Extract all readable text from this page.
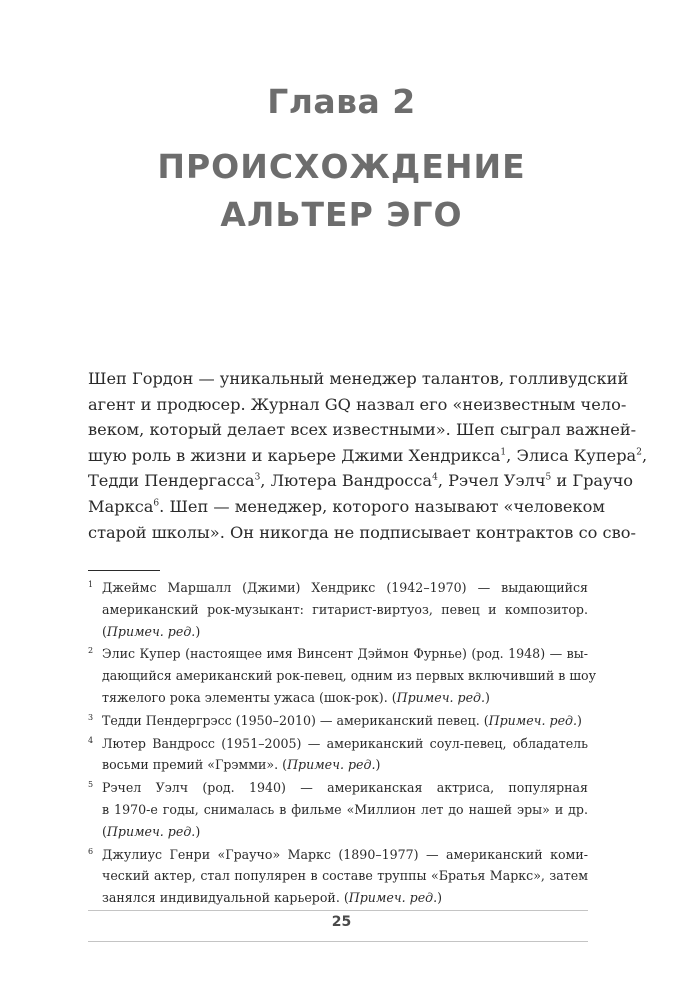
Глава 2
ПРОИСХОЖДЕНИЕ
АЛЬТЕР ЭГО

Шеп Гордон — уникальный менеджер талантов, голливудский
агент и продюсер. Журнал GQ назвал его «неизвестным чело-
веком, который делает всех известными». Шеп сыграл важней-
шую роль в жизни и карьере Джими Хендрикса$^1$, Элиса Купера$^2$,
Тедди Пендергасса$^3$, Лютера Вандросса$^4$, Рэчел Уэлч$^5$ и Граучо
Маркса$^6$. Шеп — менеджер, которого называют «человеком
старой школы». Он никогда не подписывает контрактов со сво-

1 Джеймс Маршалл (Джими) Хендрикс (1942–1970) — выдающийся
американский рок-музыкант: гитарист-виртуоз, певец и композитор.
(Примеч. ред.)
2 Элис Купер (настоящее имя Винсент Дэймон Фурнье) (род. 1948) — вы-
дающийся американский рок-певец, одним из первых включивший в шоу
тяжелого рока элементы ужаса (шок-рок). (Примеч. ред.)
3 Тедди Пендергрэсс (1950–2010) — американский певец. (Примеч. ред.)
4 Лютер Вандросс (1951–2005) — американский соул-певец, обладатель
восьми премий «Грэмми». (Примеч. ред.)
5 Рэчел Уэлч (род. 1940) — американская актриса, популярная
в 1970-е годы, снималась в фильме «Миллион лет до нашей эры» и др.
(Примеч. ред.)
6 Джулиус Генри «Граучо» Маркс (1890–1977) — американский коми-
ческий актер, стал популярен в составе труппы «Братья Маркс», затем
занялся индивидуальной карьерой. (Примеч. ред.)
25
